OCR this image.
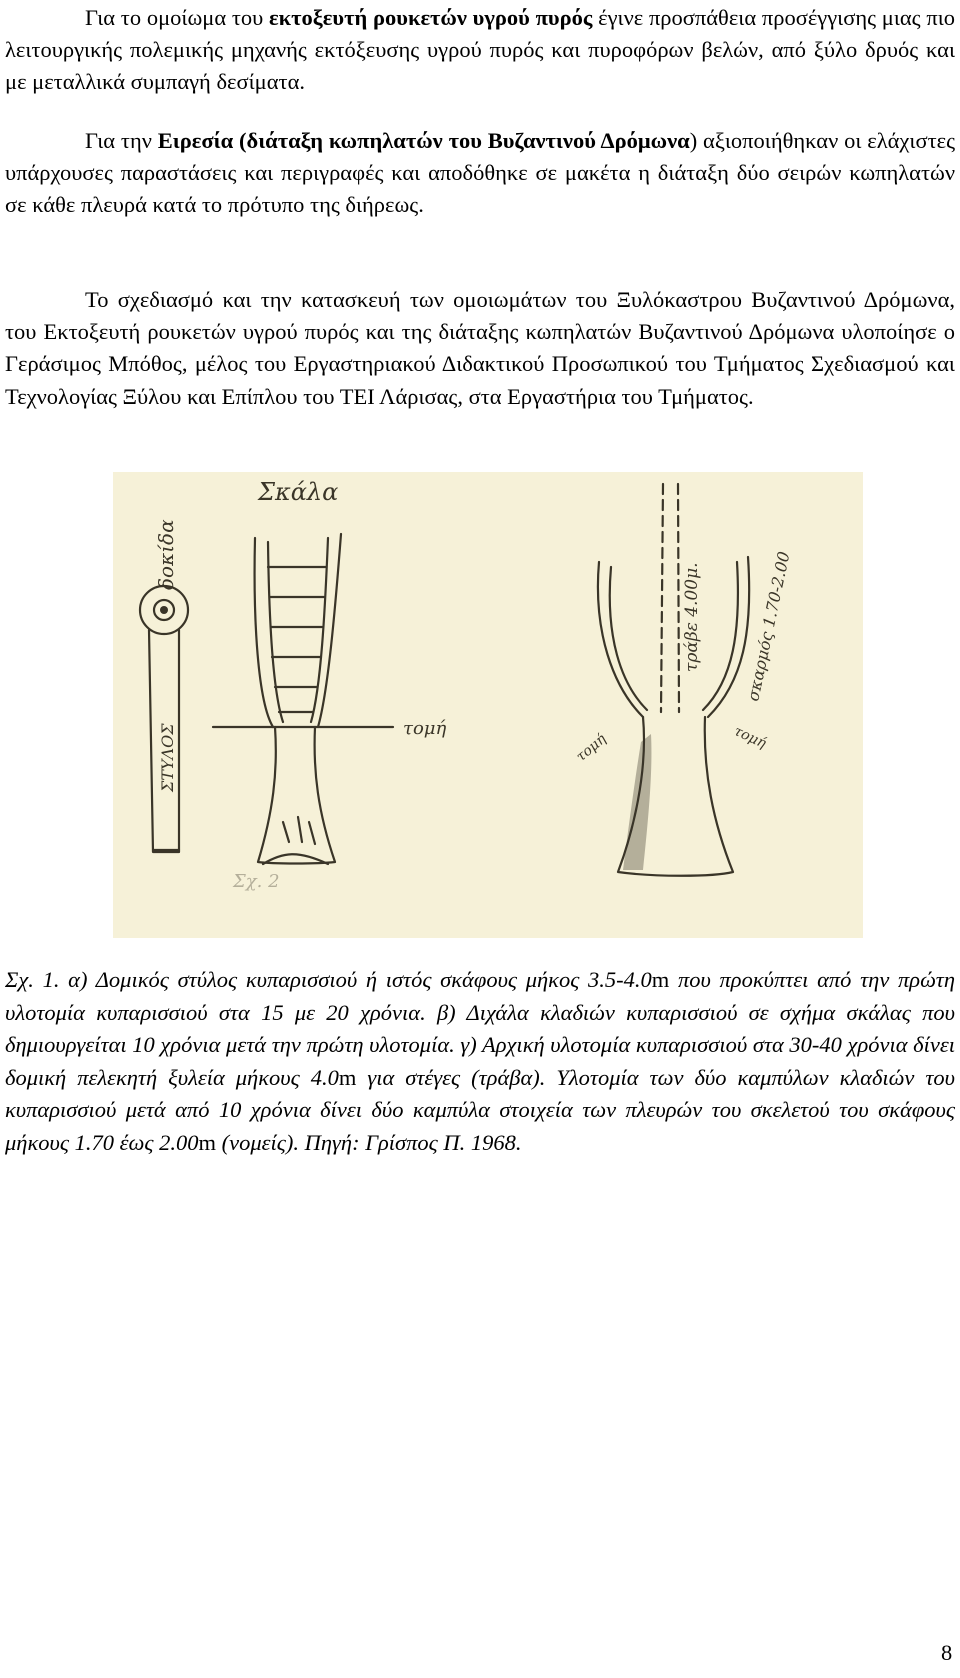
Για το ομοίωμα του εκτοξευτή ρουκετών υγρού πυρός έγινε προσπάθεια προσέγγισης μιας πιο λειτουργικής πολεμικής μηχανής εκτόξευσης υγρού πυρός και πυροφόρων βελών, από ξύλο δρυός και με μεταλλικά συμπαγή δεσίματα.

Για την Ειρεσία (διάταξη κωπηλατών του Βυζαντινού Δρόμωνα) αξιοποιήθηκαν οι ελάχιστες υπάρχουσες παραστάσεις και περιγραφές και αποδόθηκε σε μακέτα η διάταξη δύο σειρών κωπηλατών σε κάθε πλευρά κατά το πρότυπο της διήρεως.

Το σχεδιασμό και την κατασκευή των ομοιωμάτων του Ξυλόκαστρου Βυζαντινού Δρόμωνα, του Εκτοξευτή ρουκετών υγρού πυρός και της διάταξης κωπηλατών Βυζαντινού Δρόμωνα υλοποίησε ο Γεράσιμος Μπόθος, μέλος του Εργαστηριακού Διδακτικού Προσωπικού του Τμήματος Σχεδιασμού και Τεχνολογίας Ξύλου και Επίπλου του ΤΕΙ Λάρισας, στα Εργαστήρια του Τμήματος.

δοκίδα
ΣΤΥΛΟΣ
Σκάλα
τομή
Σχ. 2
τράβε 4.00μ.	σκαρμός 1.70-2.00
τομή	τομή

Σχ. 1. α) Δομικός στύλος κυπαρισσιού ή ιστός σκάφους μήκος 3.5-4.0m που προκύπτει από την πρώτη υλοτομία κυπαρισσιού στα 15 με 20 χρόνια. β) Διχάλα κλαδιών κυπαρισσιού σε σχήμα σκάλας που δημιουργείται 10 χρόνια μετά την πρώτη υλοτομία. γ) Αρχική υλοτομία κυπαρισσιού στα 30-40 χρόνια δίνει δομική πελεκητή ξυλεία μήκους 4.0m για στέγες (τράβα). Υλοτομία των δύο καμπύλων κλαδιών του κυπαρισσιού μετά από 10 χρόνια δίνει δύο καμπύλα στοιχεία των πλευρών του σκελετού του σκάφους μήκους 1.70 έως 2.00m (νομείς). Πηγή: Γρίσπος Π. 1968.

8
